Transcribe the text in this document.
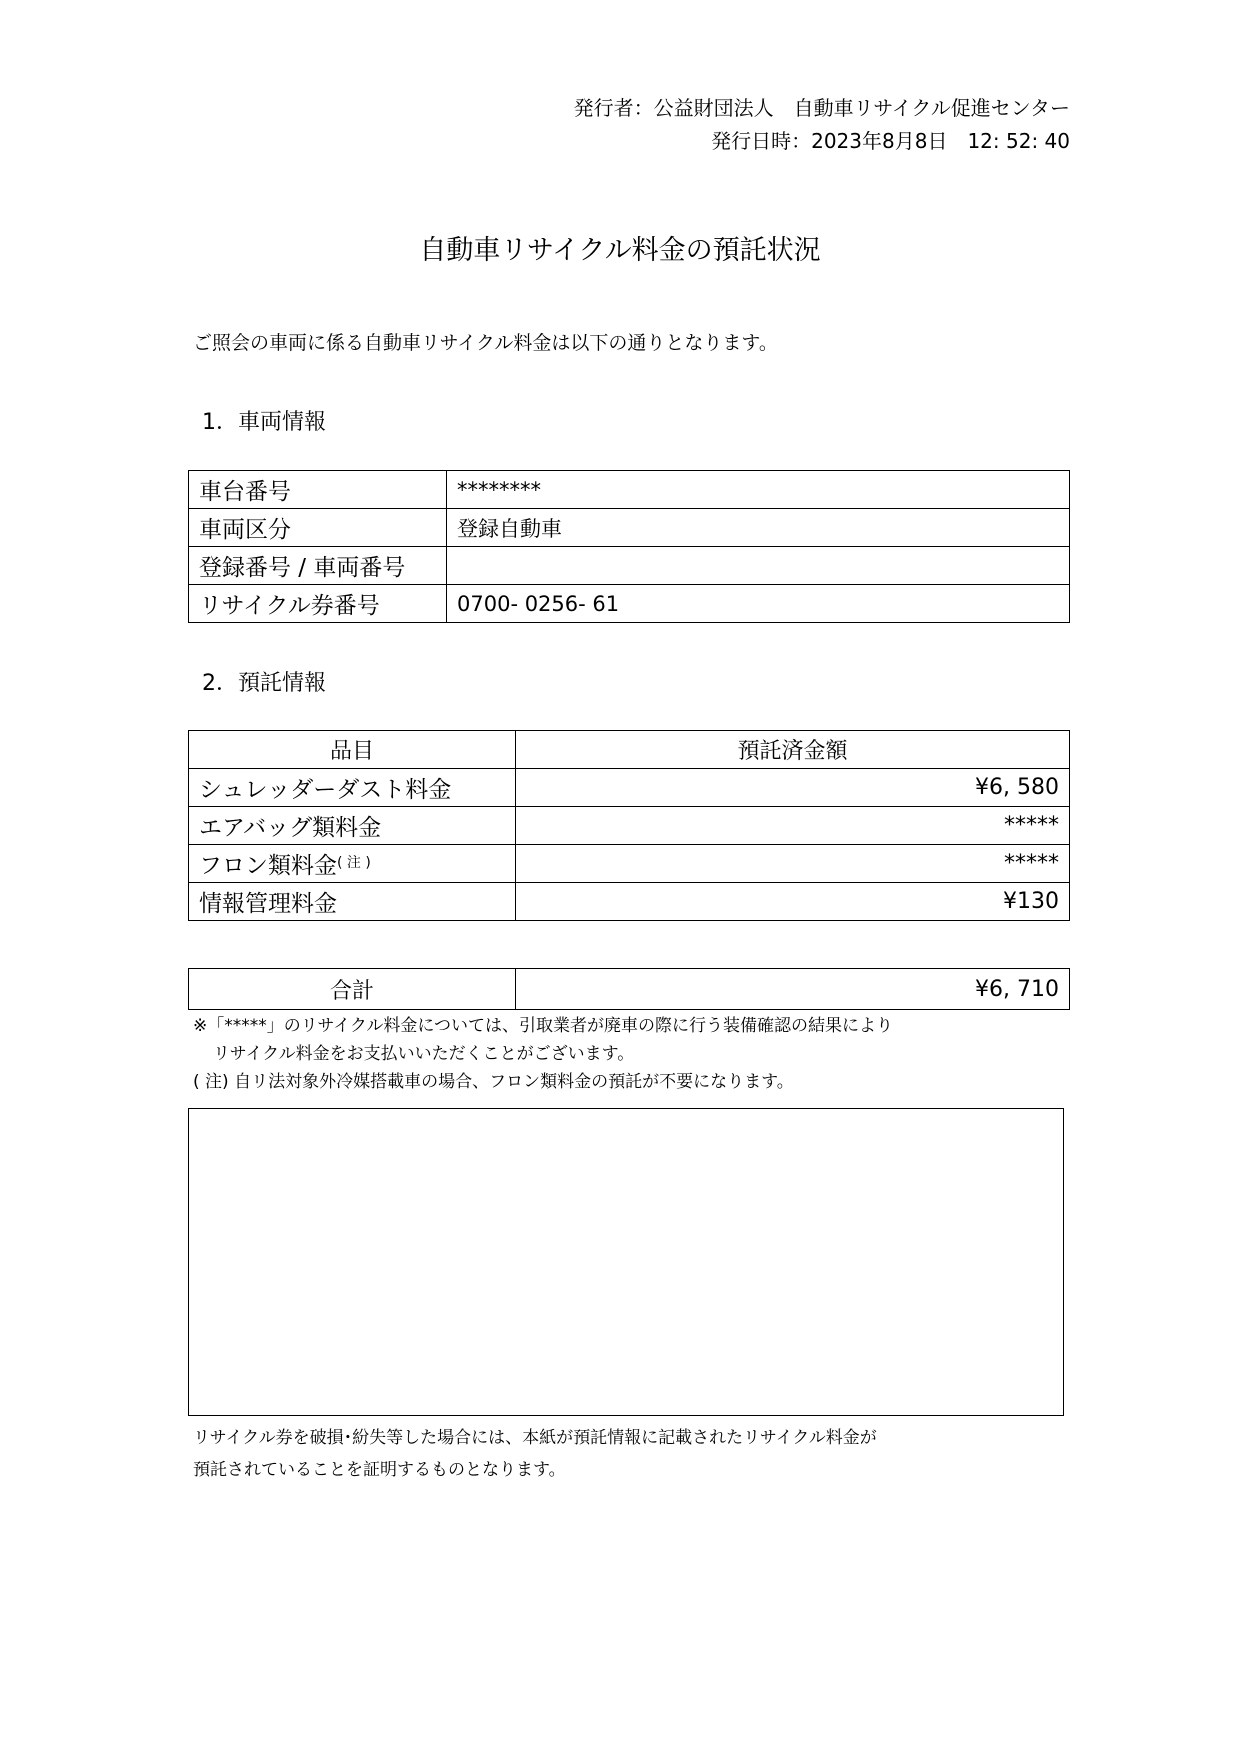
発行者：公益財団法人　自動車リサイクル促進センター
発行日時：2023年8月8日　12: 52: 40
自動車リサイクル料金の預託状況
ご照会の車両に係る自動車リサイクル料金は以下の通りとなります。
1．車両情報
車台番号	********
車両区分	登録自動車
登録番号 / 車両番号	
リサイクル券番号	0700- 0256- 61
2．預託情報
品目	預託済金額
シュレッダーダスト料金	¥6, 580
エアバッグ類料金	*****
フロン類料金$^{( 注 )}$	*****
情報管理料金	¥130
合計	¥6, 710
※「*****」のリサイクル料金については、引取業者が廃車の際に行う装備確認の結果により
リサイクル料金をお支払いいただくことがございます。
( 注) 自リ法対象外冷媒搭載車の場合、フロン類料金の預託が不要になります。
リサイクル券を破損･紛失等した場合には、本紙が預託情報に記載されたリサイクル料金が
預託されていることを証明するものとなります。
